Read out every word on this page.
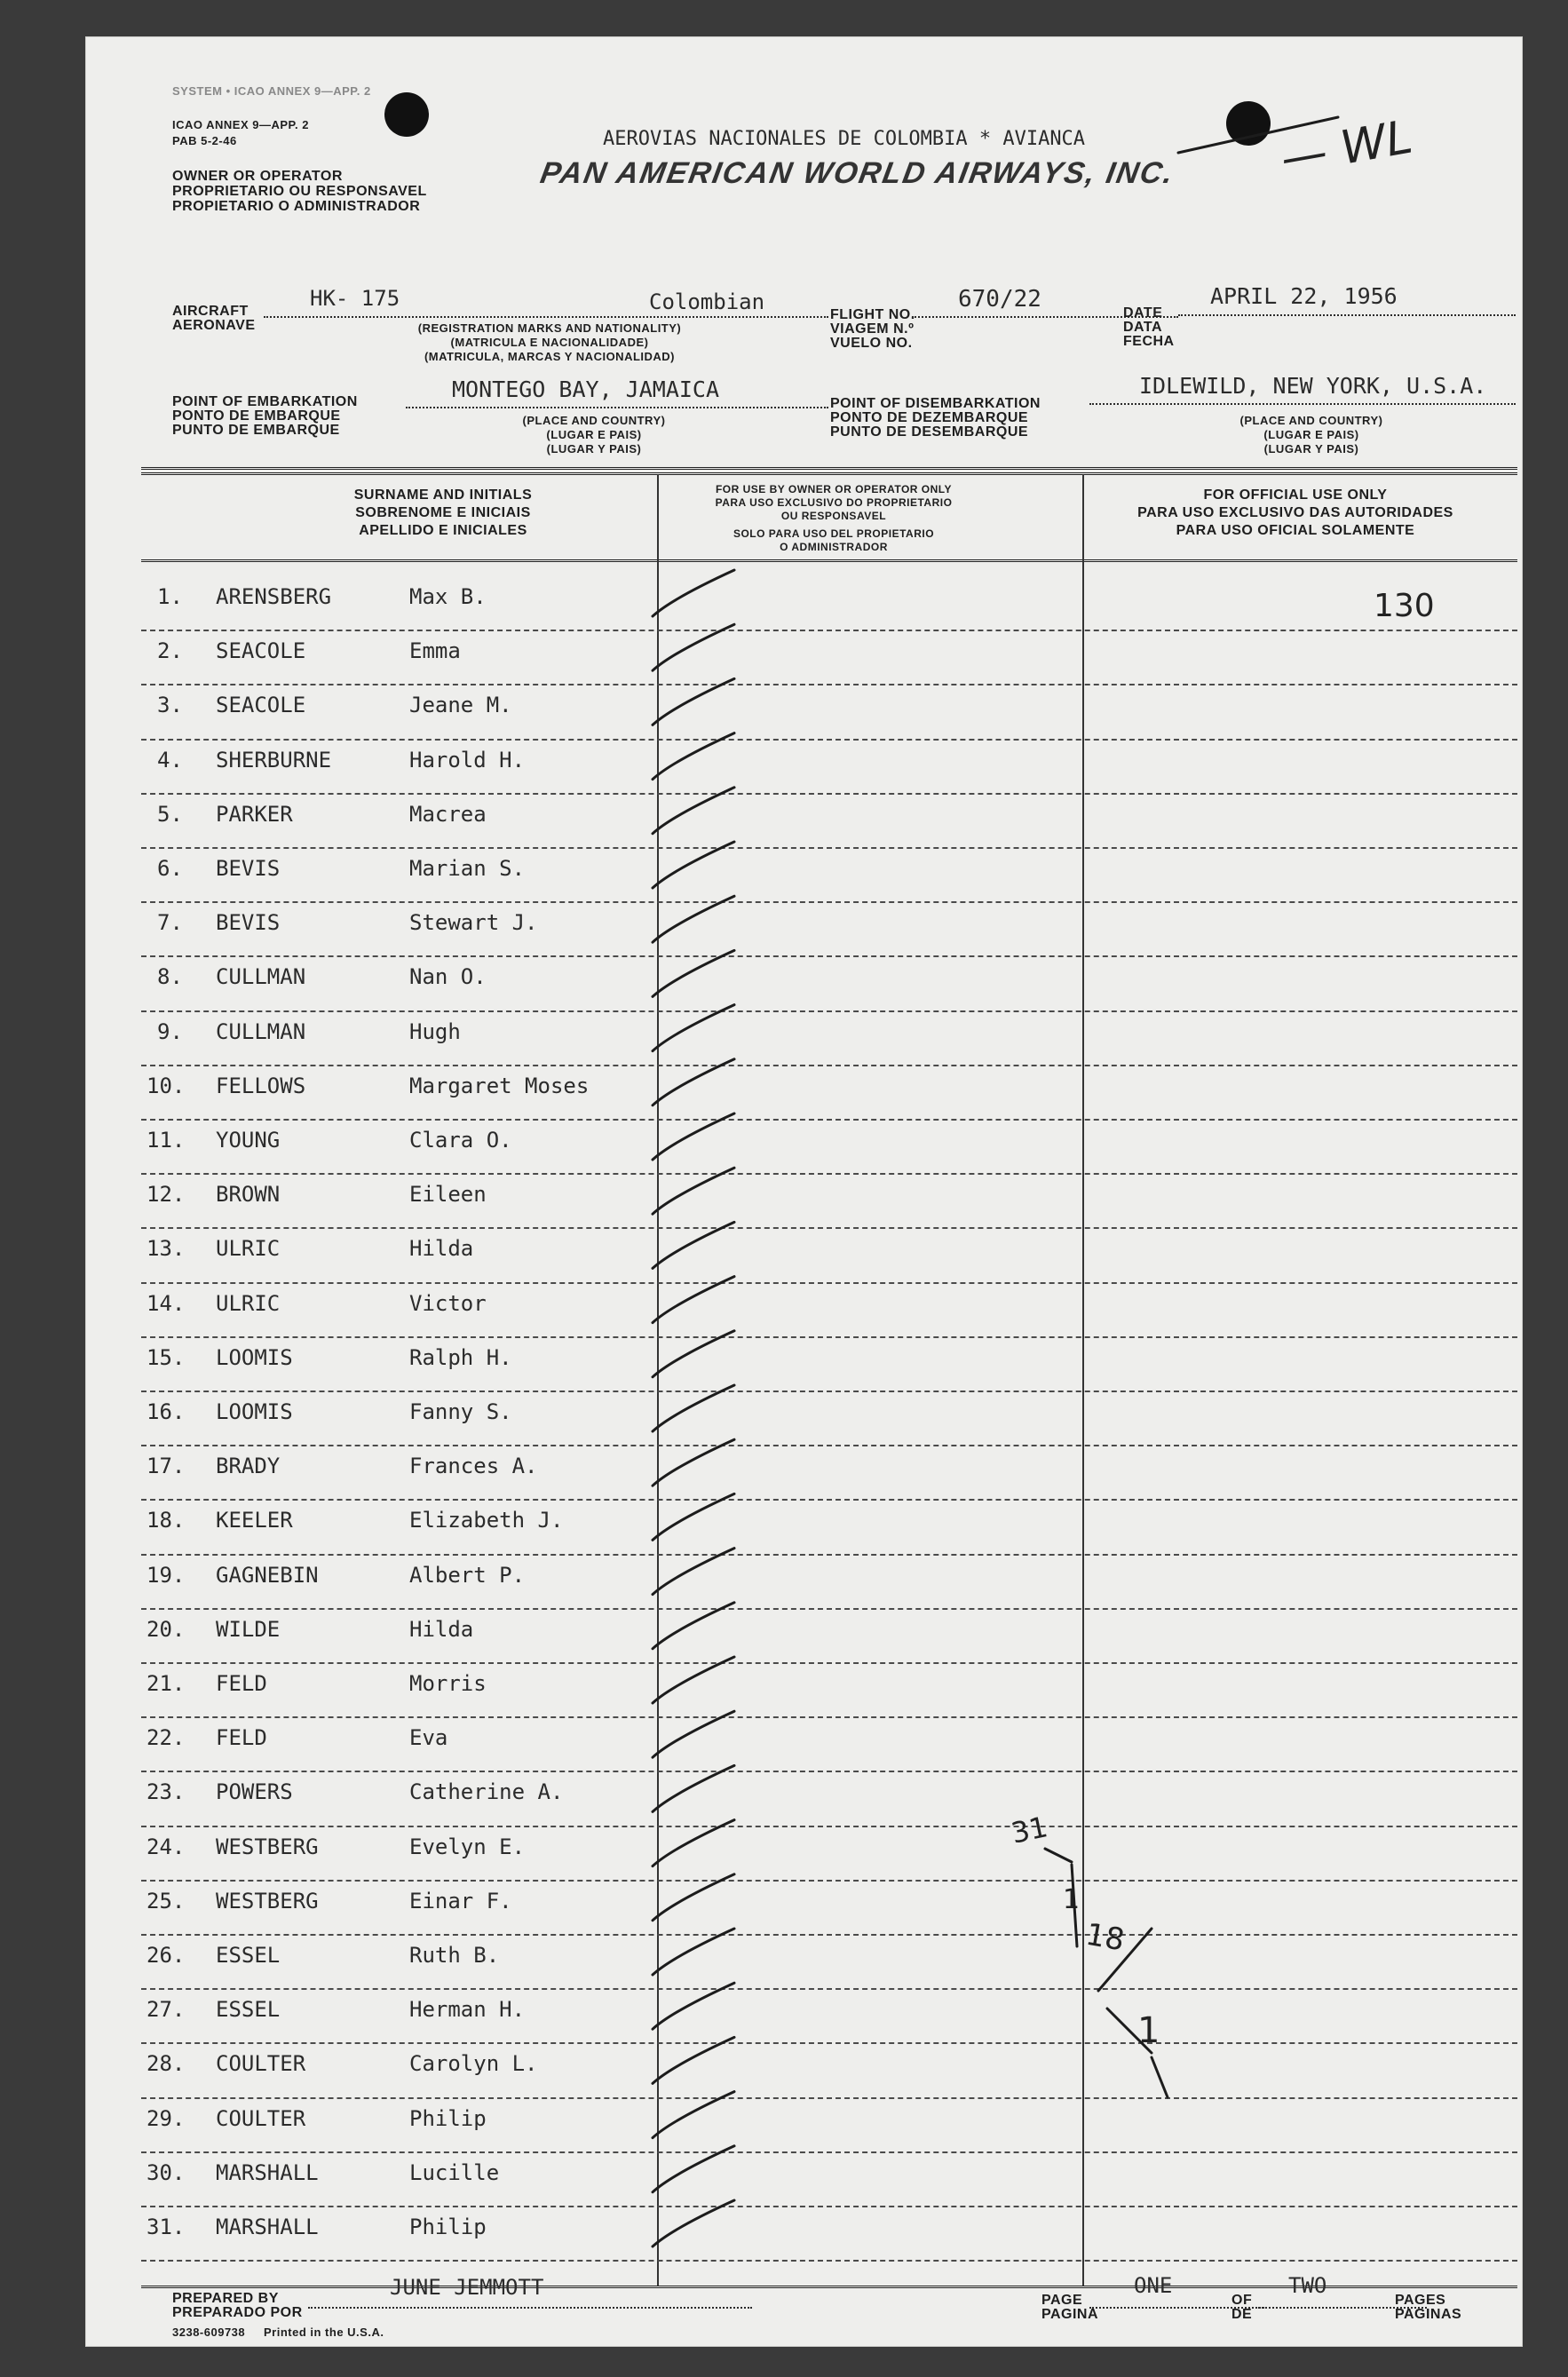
SYSTEM • ICAO ANNEX 9—APP. 2
ICAO ANNEX 9—APP. 2
PAB 5-2-46
OWNER OR OPERATOR
PROPRIETARIO OU RESPONSAVEL
PROPIETARIO O ADMINISTRADOR
AEROVIAS NACIONALES DE COLOMBIA * AVIANCA
PAN AMERICAN WORLD AIRWAYS, INC. — WL
AIRCRAFT
AERONAVE
HK- 175	Colombian
(REGISTRATION MARKS AND NATIONALITY)
(MATRICULA E NACIONALIDADE)
(MATRICULA, MARCAS Y NACIONALIDAD)
FLIGHT NO.
VIAGEM N.º
VUELO NO.
670/22
DATE
DATA
FECHA
APRIL 22, 1956
POINT OF EMBARKATION
PONTO DE EMBARQUE
PUNTO DE EMBARQUE
MONTEGO BAY, JAMAICA
(PLACE AND COUNTRY)
(LUGAR E PAIS)
(LUGAR Y PAIS)
POINT OF DISEMBARKATION
PONTO DE DEZEMBARQUE
PUNTO DE DESEMBARQUE
IDLEWILD, NEW YORK, U.S.A.
(PLACE AND COUNTRY)
(LUGAR E PAIS)
(LUGAR Y PAIS)
SURNAME AND INITIALS
SOBRENOME E INICIAIS
APELLIDO E INICIALES
FOR USE BY OWNER OR OPERATOR ONLY
PARA USO EXCLUSIVO DO PROPRIETARIO
OU RESPONSAVEL
SOLO PARA USO DEL PROPIETARIO
O ADMINISTRADOR
FOR OFFICIAL USE ONLY
PARA USO EXCLUSIVO DAS AUTORIDADES
PARA USO OFICIAL SOLAMENTE
1. ARENSBERG	Max B.
2. SEACOLE	Emma
3. SEACOLE	Jeane M.
4. SHERBURNE	Harold H.
5. PARKER	Macrea
6. BEVIS	Marian S.
7. BEVIS	Stewart J.
8. CULLMAN	Nan O.
9. CULLMAN	Hugh
10. FELLOWS	Margaret Moses
11. YOUNG	Clara O.
12. BROWN	Eileen
13. ULRIC	Hilda
14. ULRIC	Victor
15. LOOMIS	Ralph H.
16. LOOMIS	Fanny S.
17. BRADY	Frances A.
18. KEELER	Elizabeth J.
19. GAGNEBIN	Albert P.
20. WILDE	Hilda
21. FELD	Morris
22. FELD	Eva
23. POWERS	Catherine A.
24. WESTBERG	Evelyn E.
25. WESTBERG	Einar F.
26. ESSEL	Ruth B.
27. ESSEL	Herman H.
28. COULTER	Carolyn L.
29. COULTER	Philip
30. MARSHALL	Lucille
31. MARSHALL	Philip
130
31
1
18
1
PREPARED BY
PREPARADO POR
JUNE JEMMOTT
3238-609738 Printed in the U.S.A.
PAGE
PAGINA
ONE
OF
DE
TWO
PAGES
PAGINAS
